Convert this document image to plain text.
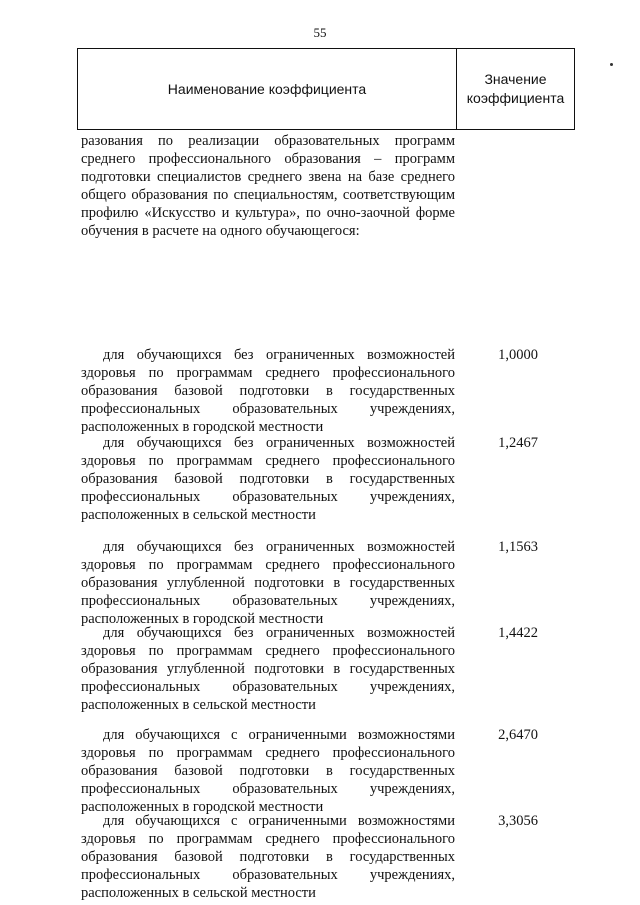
55
Наименование коэффициента
Значение коэффициента
разования по реализации образовательных программ среднего профессионального образования – программ подготовки специалистов среднего звена на базе среднего общего образования по специальностям, соответствующим профилю «Искусство и культура», по очно-заочной форме обучения в расчете на одного обучающегося:
для обучающихся без ограниченных возможностей здоровья по программам среднего профессионального образования базовой подготовки в государственных профессиональных образовательных учреждениях, расположенных в городской местности
1,0000
для обучающихся без ограниченных возможностей здоровья по программам среднего профессионального образования базовой подготовки в государственных профессиональных образовательных учреждениях, расположенных в сельской местности
1,2467
для обучающихся без ограниченных возможностей здоровья по программам среднего профессионального образования углубленной подготовки в государственных профессиональных образовательных учреждениях, расположенных в городской местности
1,1563
для обучающихся без ограниченных возможностей здоровья по программам среднего профессионального образования углубленной подготовки в государственных профессиональных образовательных учреждениях, расположенных в сельской местности
1,4422
для обучающихся с ограниченными возможностями здоровья по программам среднего профессионального образования базовой подготовки в государственных профессиональных образовательных учреждениях, расположенных в городской местности
2,6470
для обучающихся с ограниченными возможностями здоровья по программам среднего профессионального образования базовой подготовки в государственных профессиональных образовательных учреждениях, расположенных в сельской местности
3,3056
